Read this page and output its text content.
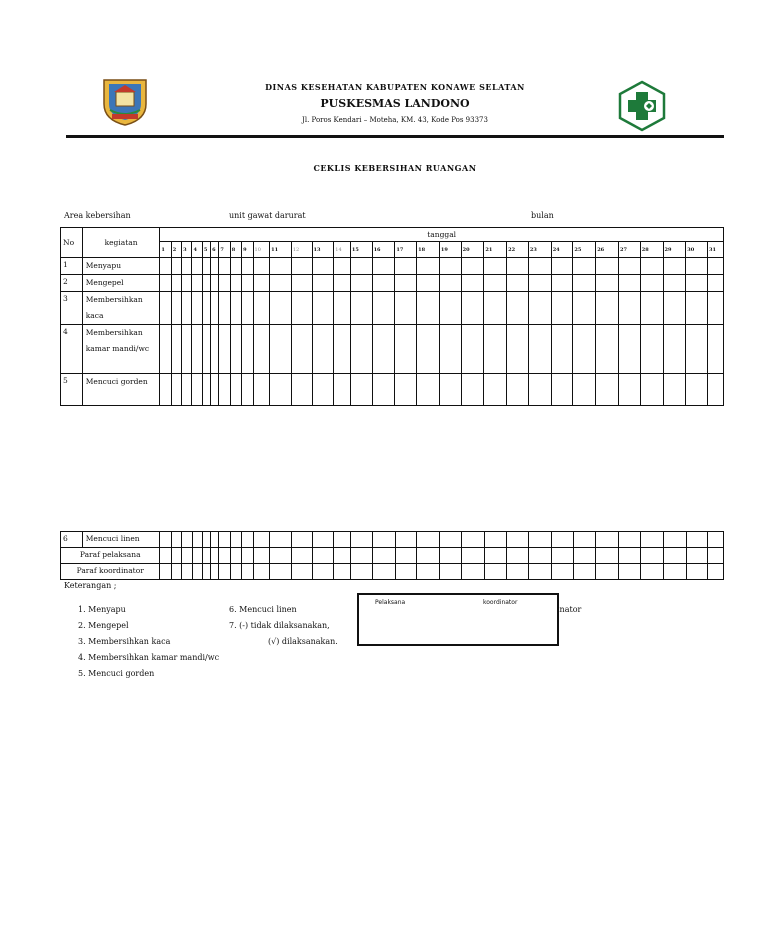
DINAS KESEHATAN KABUPATEN KONAWE SELATAN
PUSKESMAS LANDONO
Jl. Poros Kendari – Moteha, KM. 43, Kode Pos 93373
CEKLIS KEBERSIHAN RUANGAN
Area kebersihan	unit gawat darurat	bulan
No	kegiatan	tanggal																														
		1	2	3	4	5	6	7	8	9	10	11	12	13	14	15	16	17	18	19	20	21	22	23	24	25	26	27	28	29	30	31
1	Menyapu																															
2	Mengepel																															
3	Membersihkan kaca																															
4	Membersihkan kamar mandi/wc																															
5	Mencuci gorden																															
6	Mencuci linen																															
Paraf pelaksana																																
Paraf koordinator																																
Keterangan ;
1. Menyapu
2. Mengepel
3. Membersihkan kaca
4. Membersihkan kamar mandi/wc
5. Mencuci gorden
6. Mencuci linen
7. (-) tidak dilaksanakan,
(√) dilaksanakan.
inator
Pelaksana	koordinator
